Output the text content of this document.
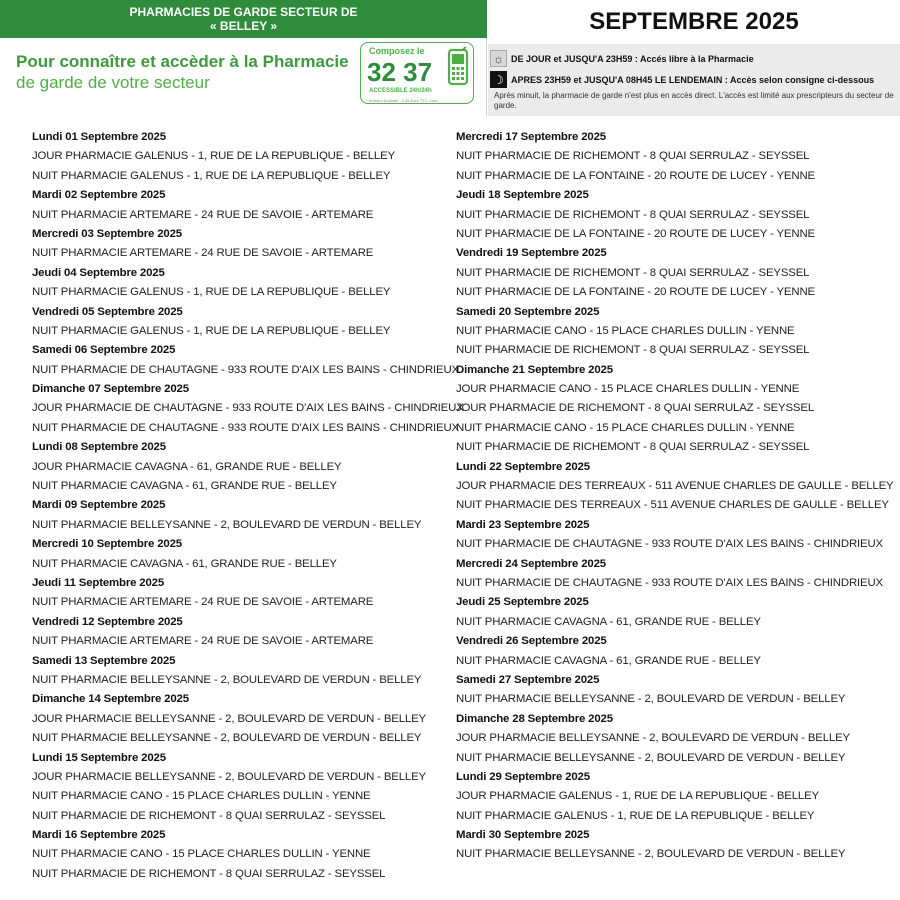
PHARMACIES DE GARDE SECTEUR DE
« BELLEY »
Pour connaître et accèder à la Pharmacie
de garde de votre secteur
Composez le
32 37
ACCESSIBLE 24h/24h
* Numéro Audiotel : 0,35 Euro TTC / min
SEPTEMBRE 2025
☼ DE JOUR et JUSQU'A 23H59 : Accés libre à la Pharmacie
☽ APRES 23H59 et JUSQU'A 08H45 LE LENDEMAIN : Accès selon consigne ci-dessous
Après minuit, la pharmacie de garde n'est plus en accès direct. L'accès est limité aux prescripteurs du secteur de garde.
Lundi 01 Septembre 2025
JOUR PHARMACIE GALENUS - 1, RUE DE LA REPUBLIQUE - BELLEY
NUIT PHARMACIE GALENUS - 1, RUE DE LA REPUBLIQUE - BELLEY
Mardi 02 Septembre 2025
NUIT PHARMACIE ARTEMARE - 24 RUE DE SAVOIE - ARTEMARE
Mercredi 03 Septembre 2025
NUIT PHARMACIE ARTEMARE - 24 RUE DE SAVOIE - ARTEMARE
Jeudi 04 Septembre 2025
NUIT PHARMACIE GALENUS - 1, RUE DE LA REPUBLIQUE - BELLEY
Vendredi 05 Septembre 2025
NUIT PHARMACIE GALENUS - 1, RUE DE LA REPUBLIQUE - BELLEY
Samedi 06 Septembre 2025
NUIT PHARMACIE DE CHAUTAGNE - 933 ROUTE D'AIX LES BAINS - CHINDRIEUX
Dimanche 07 Septembre 2025
JOUR PHARMACIE DE CHAUTAGNE - 933 ROUTE D'AIX LES BAINS - CHINDRIEUX
NUIT PHARMACIE DE CHAUTAGNE - 933 ROUTE D'AIX LES BAINS - CHINDRIEUX
Lundi 08 Septembre 2025
JOUR PHARMACIE CAVAGNA - 61, GRANDE RUE - BELLEY
NUIT PHARMACIE CAVAGNA - 61, GRANDE RUE - BELLEY
Mardi 09 Septembre 2025
NUIT PHARMACIE BELLEYSANNE - 2, BOULEVARD DE VERDUN - BELLEY
Mercredi 10 Septembre 2025
NUIT PHARMACIE CAVAGNA - 61, GRANDE RUE - BELLEY
Jeudi 11 Septembre 2025
NUIT PHARMACIE ARTEMARE - 24 RUE DE SAVOIE - ARTEMARE
Vendredi 12 Septembre 2025
NUIT PHARMACIE ARTEMARE - 24 RUE DE SAVOIE - ARTEMARE
Samedi 13 Septembre 2025
NUIT PHARMACIE BELLEYSANNE - 2, BOULEVARD DE VERDUN - BELLEY
Dimanche 14 Septembre 2025
JOUR PHARMACIE BELLEYSANNE - 2, BOULEVARD DE VERDUN - BELLEY
NUIT PHARMACIE BELLEYSANNE - 2, BOULEVARD DE VERDUN - BELLEY
Lundi 15 Septembre 2025
JOUR PHARMACIE BELLEYSANNE - 2, BOULEVARD DE VERDUN - BELLEY
NUIT PHARMACIE CANO - 15 PLACE CHARLES DULLIN - YENNE
NUIT PHARMACIE DE RICHEMONT - 8 QUAI SERRULAZ - SEYSSEL
Mardi 16 Septembre 2025
NUIT PHARMACIE CANO - 15 PLACE CHARLES DULLIN - YENNE
NUIT PHARMACIE DE RICHEMONT - 8 QUAI SERRULAZ - SEYSSEL
Mercredi 17 Septembre 2025
NUIT PHARMACIE DE RICHEMONT - 8 QUAI SERRULAZ - SEYSSEL
NUIT PHARMACIE DE LA FONTAINE - 20 ROUTE DE LUCEY - YENNE
Jeudi 18 Septembre 2025
NUIT PHARMACIE DE RICHEMONT - 8 QUAI SERRULAZ - SEYSSEL
NUIT PHARMACIE DE LA FONTAINE - 20 ROUTE DE LUCEY - YENNE
Vendredi 19 Septembre 2025
NUIT PHARMACIE DE RICHEMONT - 8 QUAI SERRULAZ - SEYSSEL
NUIT PHARMACIE DE LA FONTAINE - 20 ROUTE DE LUCEY - YENNE
Samedi 20 Septembre 2025
NUIT PHARMACIE CANO - 15 PLACE CHARLES DULLIN - YENNE
NUIT PHARMACIE DE RICHEMONT - 8 QUAI SERRULAZ - SEYSSEL
Dimanche 21 Septembre 2025
JOUR PHARMACIE CANO - 15 PLACE CHARLES DULLIN - YENNE
JOUR PHARMACIE DE RICHEMONT - 8 QUAI SERRULAZ - SEYSSEL
NUIT PHARMACIE CANO - 15 PLACE CHARLES DULLIN - YENNE
NUIT PHARMACIE DE RICHEMONT - 8 QUAI SERRULAZ - SEYSSEL
Lundi 22 Septembre 2025
JOUR PHARMACIE DES TERREAUX - 511 AVENUE CHARLES DE GAULLE - BELLEY
NUIT PHARMACIE DES TERREAUX - 511 AVENUE CHARLES DE GAULLE - BELLEY
Mardi 23 Septembre 2025
NUIT PHARMACIE DE CHAUTAGNE - 933 ROUTE D'AIX LES BAINS - CHINDRIEUX
Mercredi 24 Septembre 2025
NUIT PHARMACIE DE CHAUTAGNE - 933 ROUTE D'AIX LES BAINS - CHINDRIEUX
Jeudi 25 Septembre 2025
NUIT PHARMACIE CAVAGNA - 61, GRANDE RUE - BELLEY
Vendredi 26 Septembre 2025
NUIT PHARMACIE CAVAGNA - 61, GRANDE RUE - BELLEY
Samedi 27 Septembre 2025
NUIT PHARMACIE BELLEYSANNE - 2, BOULEVARD DE VERDUN - BELLEY
Dimanche 28 Septembre 2025
JOUR PHARMACIE BELLEYSANNE - 2, BOULEVARD DE VERDUN - BELLEY
NUIT PHARMACIE BELLEYSANNE - 2, BOULEVARD DE VERDUN - BELLEY
Lundi 29 Septembre 2025
JOUR PHARMACIE GALENUS - 1, RUE DE LA REPUBLIQUE - BELLEY
NUIT PHARMACIE GALENUS - 1, RUE DE LA REPUBLIQUE - BELLEY
Mardi 30 Septembre 2025
NUIT PHARMACIE BELLEYSANNE - 2, BOULEVARD DE VERDUN - BELLEY
